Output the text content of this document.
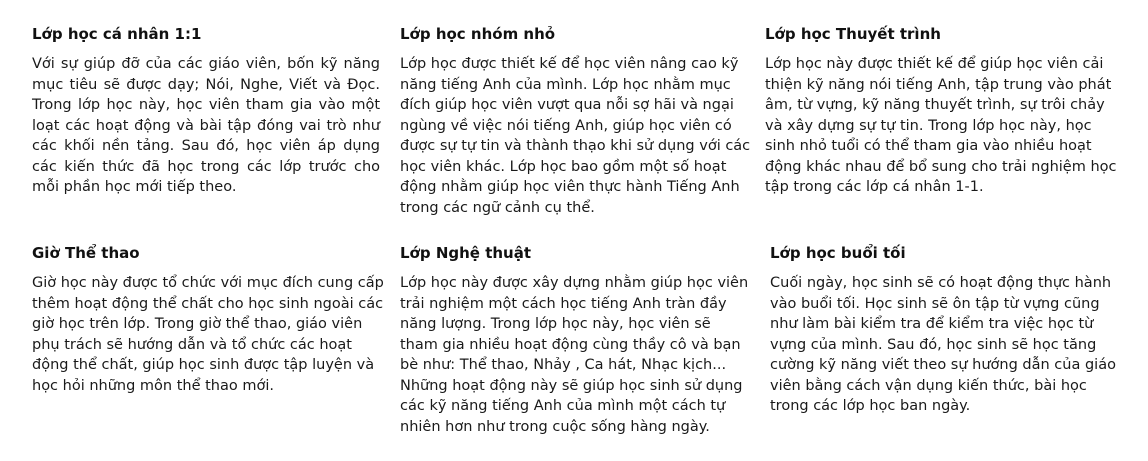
Lớp học cá nhân 1:1

Với sự giúp đỡ của các giáo viên, bốn kỹ năng mục tiêu sẽ được dạy; Nói, Nghe, Viết và Đọc. Trong lớp học này, học viên tham gia vào một loạt các hoạt động và bài tập đóng vai trò như các khối nền tảng. Sau đó, học viên áp dụng các kiến thức đã học trong các lớp trước cho mỗi phần học mới tiếp theo.

Lớp học nhóm nhỏ

Lớp học được thiết kế để học viên nâng cao kỹ năng tiếng Anh của mình. Lớp học nhằm mục đích giúp học viên vượt qua nỗi sợ hãi và ngại ngùng về việc nói tiếng Anh, giúp học viên có được sự tự tin và thành thạo khi sử dụng với các học viên khác. Lớp học bao gồm một số hoạt động nhằm giúp học viên thực hành Tiếng Anh trong các ngữ cảnh cụ thể.

Lớp học Thuyết trình

Lớp học này được thiết kế để giúp học viên cải thiện kỹ năng nói tiếng Anh, tập trung vào phát âm, từ vựng, kỹ năng thuyết trình, sự trôi chảy và xây dựng sự tự tin. Trong lớp học này, học sinh nhỏ tuổi có thể tham gia vào nhiều hoạt động khác nhau để bổ sung cho trải nghiệm học tập trong các lớp cá nhân 1-1.

Giờ Thể thao

Giờ học này được tổ chức với mục đích cung cấp thêm hoạt động thể chất cho học sinh ngoài các giờ học trên lớp. Trong giờ thể thao, giáo viên phụ trách sẽ hướng dẫn và tổ chức các hoạt động thể chất, giúp học sinh được tập luyện và học hỏi những môn thể thao mới.

Lớp Nghệ thuật

Lớp học này được xây dựng nhằm giúp học viên trải nghiệm một cách học tiếng Anh tràn đầy năng lượng. Trong lớp học này, học viên sẽ tham gia nhiều hoạt động cùng thầy cô và bạn bè như: Thể thao, Nhảy , Ca hát, Nhạc kịch... Những hoạt động này sẽ giúp học sinh sử dụng các kỹ năng tiếng Anh của mình một cách tự nhiên hơn như trong cuộc sống hàng ngày.

Lớp học buổi tối

Cuối ngày, học sinh sẽ có hoạt động thực hành vào buổi tối. Học sinh sẽ ôn tập từ vựng cũng như làm bài kiểm tra để kiểm tra việc học từ vựng của mình. Sau đó, học sinh sẽ học tăng cường kỹ năng viết theo sự hướng dẫn của giáo viên bằng cách vận dụng kiến thức, bài học trong các lớp học ban ngày.
